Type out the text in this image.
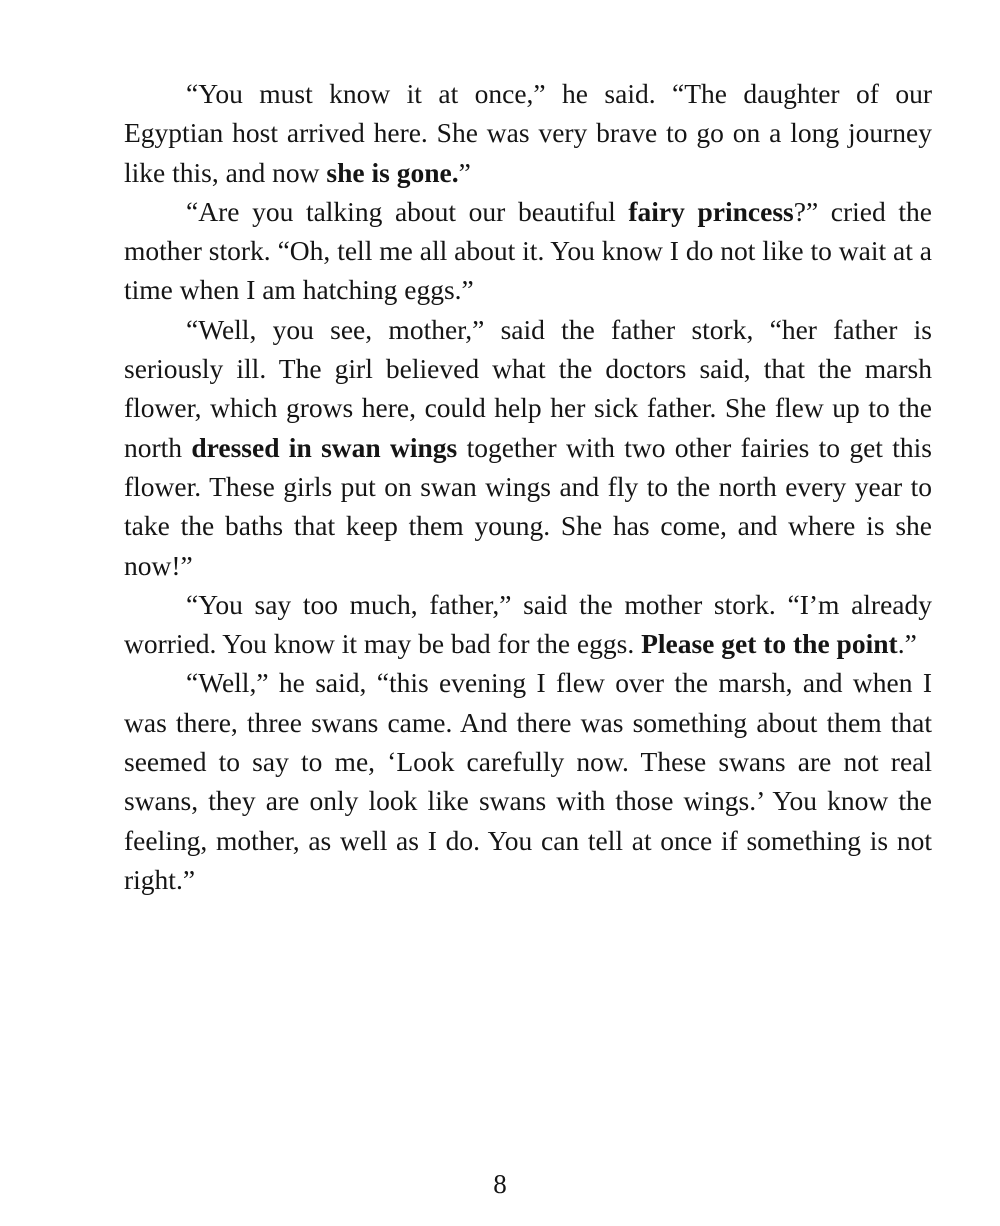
“You must know it at once,” he said. “The daughter of our Egyptian host arrived here. She was very brave to go on a long journey like this, and now she is gone.”

“Are you talking about our beautiful fairy princess?” cried the mother stork. “Oh, tell me all about it. You know I do not like to wait at a time when I am hatching eggs.”

“Well, you see, mother,” said the father stork, “her father is seriously ill. The girl believed what the doctors said, that the marsh flower, which grows here, could help her sick father. She flew up to the north dressed in swan wings together with two other fairies to get this flower. These girls put on swan wings and fly to the north every year to take the baths that keep them young. She has come, and where is she now!”

“You say too much, father,” said the mother stork. “I’m already worried. You know it may be bad for the eggs. Please get to the point.”

“Well,” he said, “this evening I flew over the marsh, and when I was there, three swans came. And there was something about them that seemed to say to me, ‘Look carefully now. These swans are not real swans, they are only look like swans with those wings.’ You know the feeling, mother, as well as I do. You can tell at once if something is not right.”

8
